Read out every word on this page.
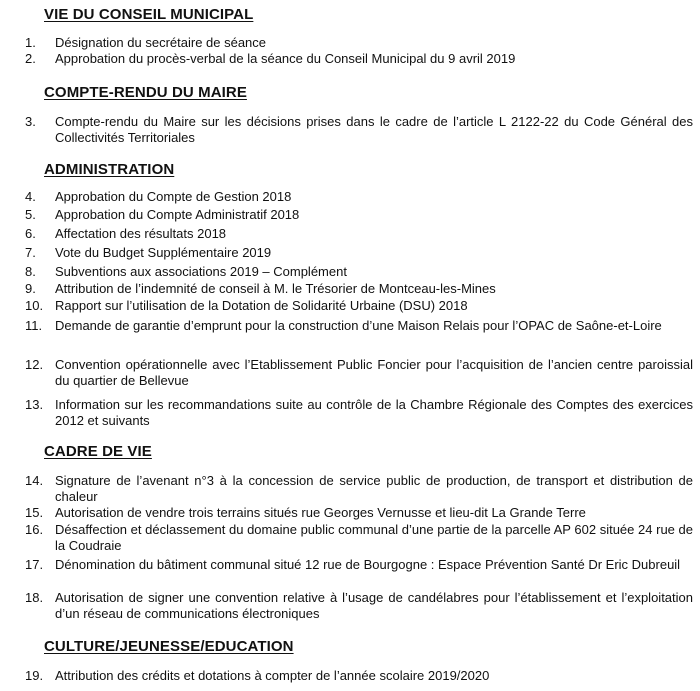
VIE DU CONSEIL MUNICIPAL
1.	Désignation du secrétaire de séance
2.	Approbation du procès-verbal de la séance du Conseil Municipal du 9 avril 2019
COMPTE-RENDU DU MAIRE
3.	Compte-rendu du Maire sur les décisions prises dans le cadre de l’article L 2122-22 du Code Général des Collectivités Territoriales
ADMINISTRATION
4.	Approbation du Compte de Gestion 2018
5.	Approbation du Compte Administratif 2018
6.	Affectation des résultats 2018
7.	Vote du Budget Supplémentaire 2019
8.	Subventions aux associations 2019 – Complément
9.	Attribution de l’indemnité de conseil à M. le Trésorier de Montceau-les-Mines
10. Rapport sur l’utilisation de la Dotation de Solidarité Urbaine (DSU) 2018
11. Demande de garantie d’emprunt pour la construction d’une Maison Relais pour l’OPAC de Saône-et-Loire
12. Convention opérationnelle avec l’Etablissement Public Foncier pour l’acquisition de l’ancien centre paroissial du quartier de Bellevue
13. Information sur les recommandations suite au contrôle de la Chambre Régionale des Comptes des exercices 2012 et suivants
CADRE DE VIE
14. Signature de l’avenant n°3 à la concession de service public de production, de transport et distribution de chaleur
15. Autorisation de vendre trois terrains situés rue Georges Vernusse et lieu-dit La Grande Terre
16. Désaffection et déclassement du domaine public communal d’une partie de la parcelle AP 602 située 24 rue de la Coudraie
17. Dénomination du bâtiment communal situé 12 rue de Bourgogne : Espace Prévention Santé Dr Eric Dubreuil
18. Autorisation de signer une convention relative à l’usage de candélabres pour l’établissement et l’exploitation d’un réseau de communications électroniques
CULTURE/JEUNESSE/EDUCATION
19. Attribution des crédits et dotations à compter de l’année scolaire 2019/2020
